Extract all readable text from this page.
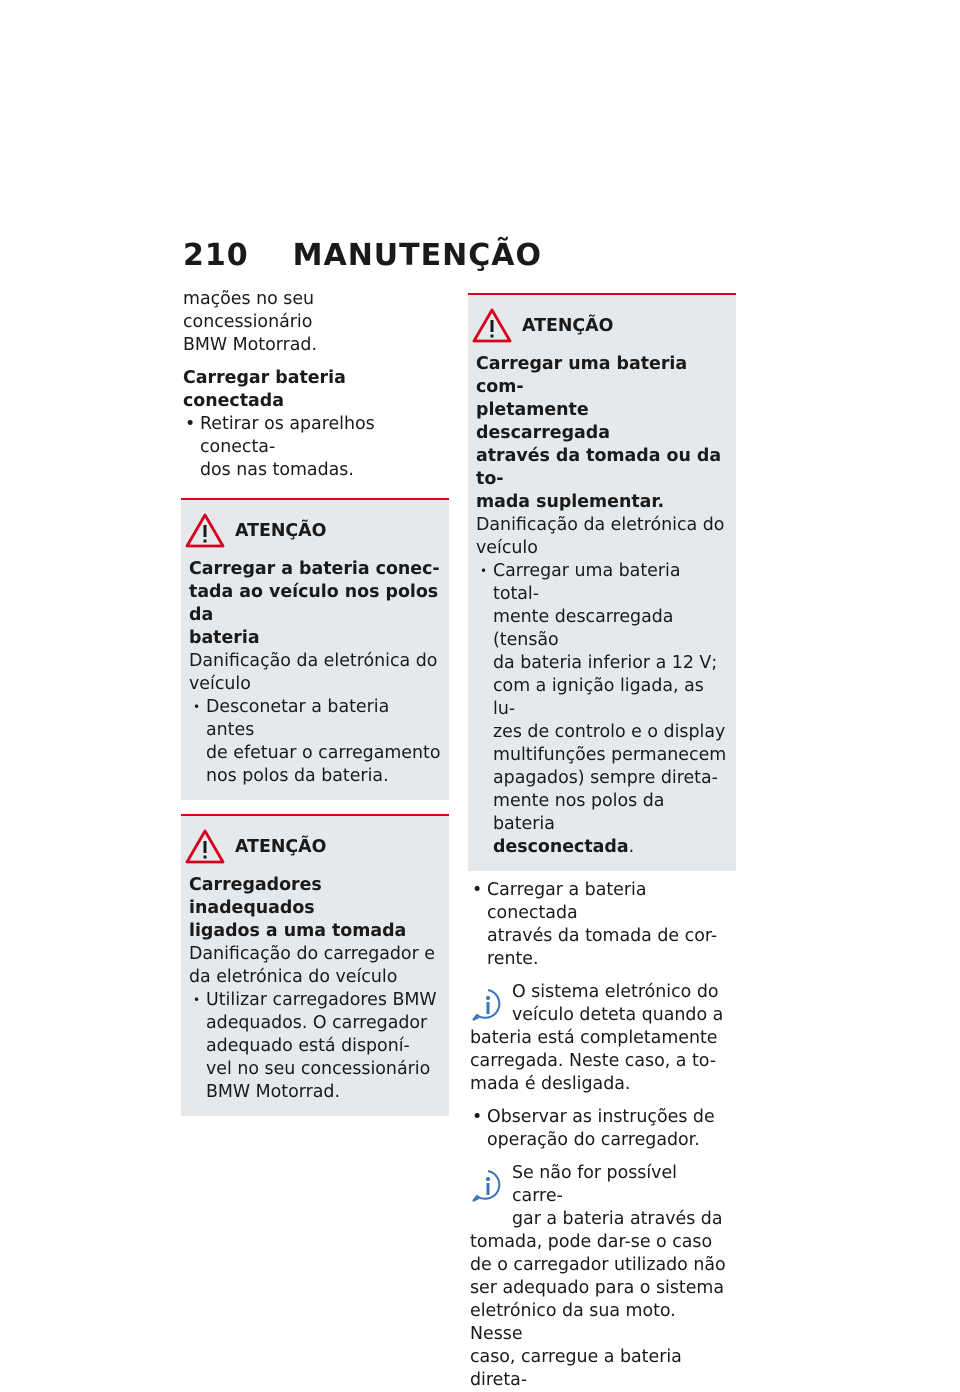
210 MANUTENÇÃO

mações no seu concessionário

BMW Motorrad.

Carregar bateria conectada

• Retirar os aparelhos conecta-
dos nas tomadas.
ATENÇÃO

Carregar a bateria conec-

tada ao veículo nos polos da

bateria

Danificação da eletrónica do

veículo

• Desconetar a bateria antes
de efetuar o carregamento
nos polos da bateria.
ATENÇÃO

Carregadores inadequados

ligados a uma tomada

Danificação do carregador e

da eletrónica do veículo

• Utilizar carregadores BMW
adequados. O carregador
adequado está disponí-
vel no seu concessionário
BMW Motorrad.
ATENÇÃO

Carregar uma bateria com-

pletamente descarregada

através da tomada ou da to-

mada suplementar.

Danificação da eletrónica do

veículo

• Carregar uma bateria total-
mente descarregada (tensão
da bateria inferior a 12 V;
com a ignição ligada, as lu-
zes de controlo e o display
multifunções permanecem
apagados) sempre direta-
mente nos polos da bateria
desconectada.
• Carregar a bateria conectada
através da tomada de cor-
rente.

O sistema eletrónico do

veículo deteta quando a

bateria está completamente

carregada. Neste caso, a to-

mada é desligada.

• Observar as instruções de
operação do carregador.

Se não for possível carre-

gar a bateria através da

tomada, pode dar-se o caso

de o carregador utilizado não

ser adequado para o sistema

eletrónico da sua moto. Nesse

caso, carregue a bateria direta-
